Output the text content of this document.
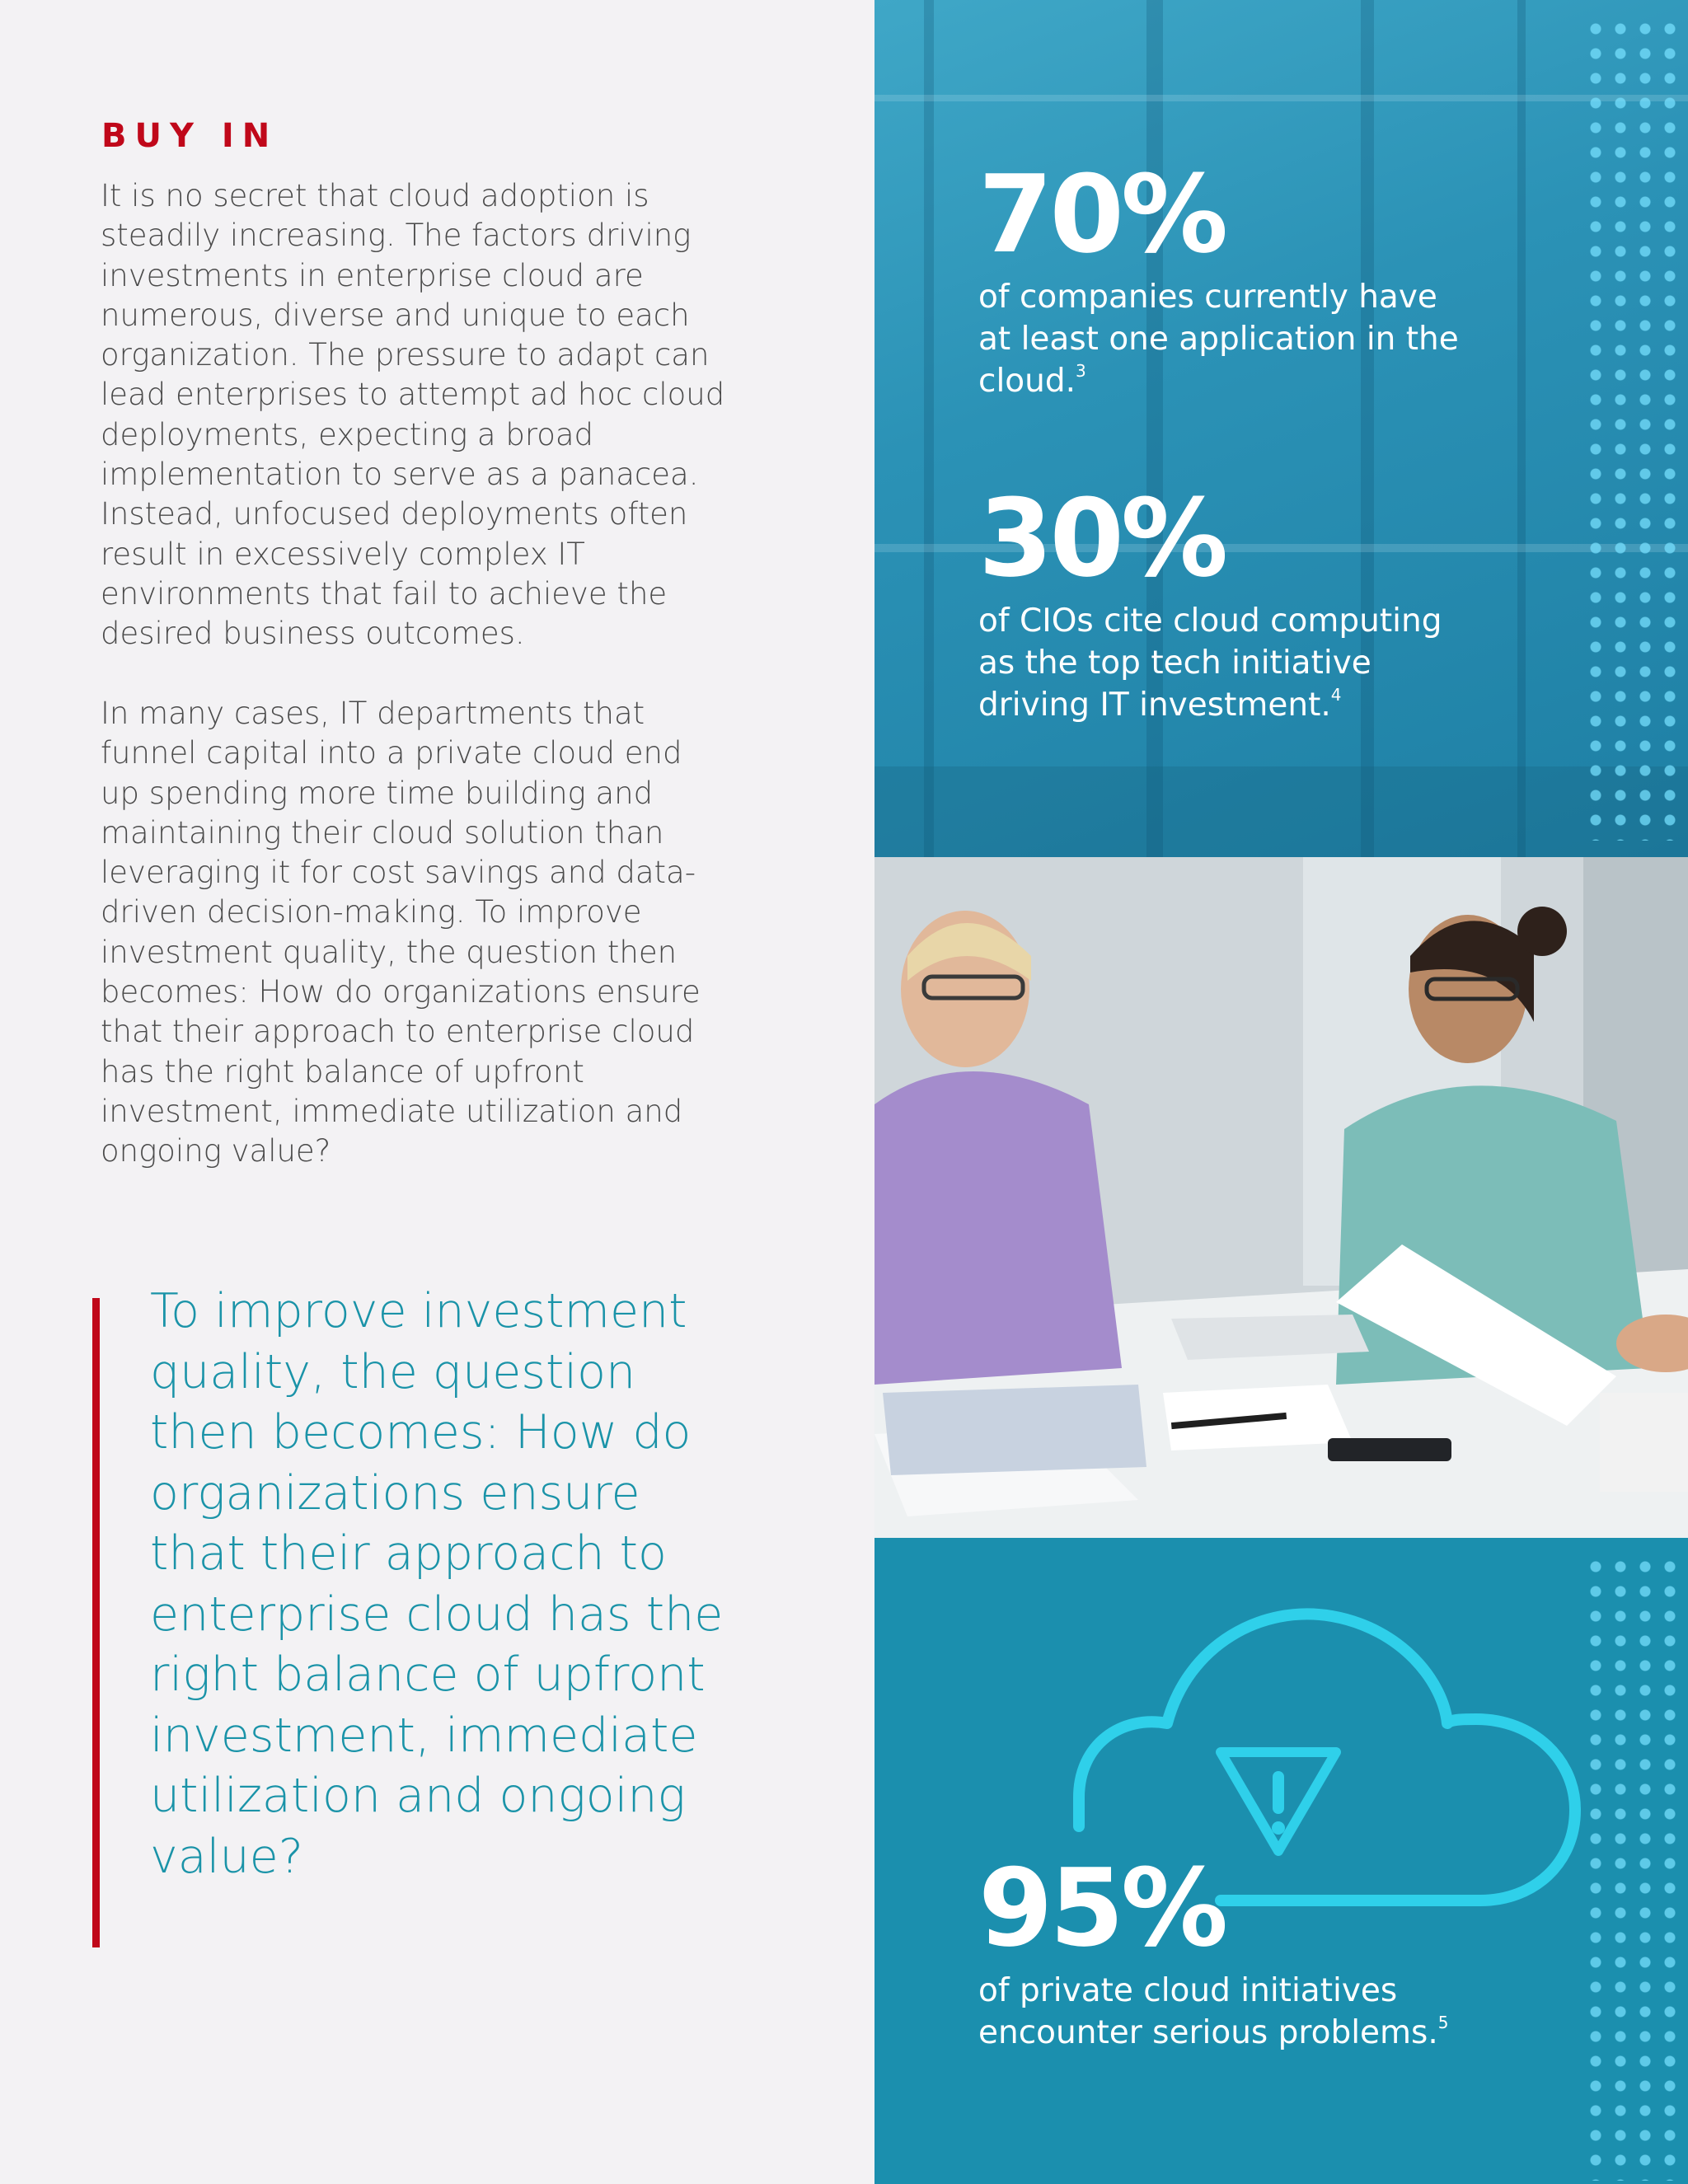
BUY IN
It is no secret that cloud adoption is steadily increasing. The factors driving investments in enterprise cloud are numerous, diverse and unique to each organization. The pressure to adapt can lead enterprises to attempt ad hoc cloud deployments, expecting a broad implementation to serve as a panacea. Instead, unfocused deployments often result in excessively complex IT environments that fail to achieve the desired business outcomes.
In many cases, IT departments that funnel capital into a private cloud end up spending more time building and maintaining their cloud solution than leveraging it for cost savings and data-driven decision-making. To improve investment quality, the question then becomes: How do organizations ensure that their approach to enterprise cloud has the right balance of upfront investment, immediate utilization and ongoing value?
To improve investment quality, the question then becomes: How do organizations ensure that their approach to enterprise cloud has the right balance of upfront investment, immediate utilization and ongoing value?
70%
of companies currently have at least one application in the cloud.$^3$
30%
of CIOs cite cloud computing as the top tech initiative driving IT investment.$^4$
95%
of private cloud initiatives encounter serious problems.$^5$
